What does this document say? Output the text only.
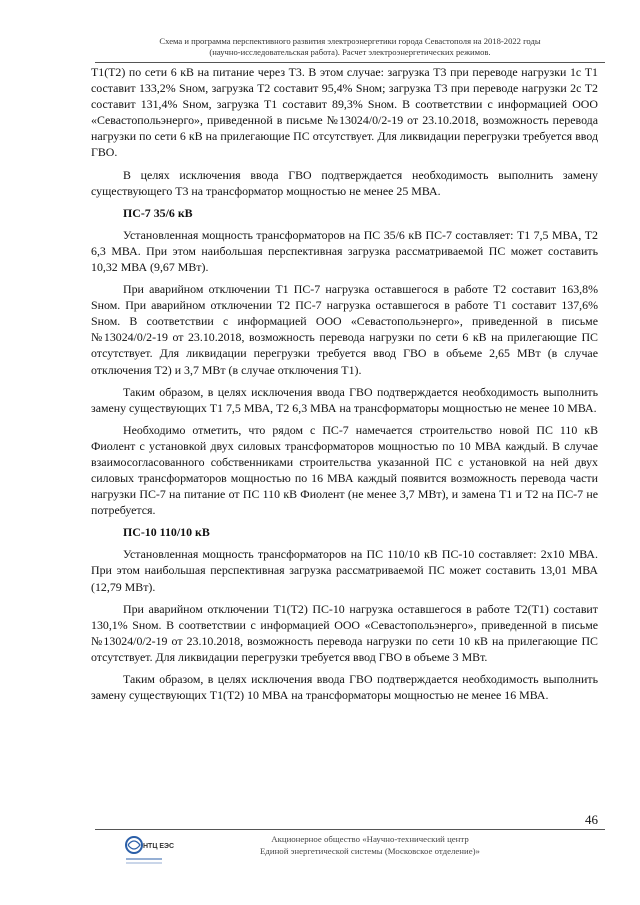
Схема и программа перспективного развития электроэнергетики города Севастополя на 2018-2022 годы
(научно-исследовательская работа). Расчет электроэнергетических режимов.

Т1(Т2) по сети 6 кВ на питание через Т3. В этом случае: загрузка Т3 при переводе нагрузки 1с Т1 составит 133,2% Sном, загрузка Т2 составит 95,4% Sном; загрузка Т3 при переводе нагрузки 2с Т2 составит 131,4% Sном, загрузка Т1 составит 89,3% Sном. В соответствии с информацией ООО «Севастопольэнерго», приведенной в письме №13024/0/2-19 от 23.10.2018, возможность перевода нагрузки по сети 6 кВ на прилегающие ПС отсутствует. Для ликвидации перегрузки требуется ввод ГВО.

В целях исключения ввода ГВО подтверждается необходимость выполнить замену существующего Т3 на трансформатор мощностью не менее 25 МВА.

ПС-7 35/6 кВ

Установленная мощность трансформаторов на ПС 35/6 кВ ПС-7 составляет: Т1 7,5 МВА, Т2 6,3 МВА. При этом наибольшая перспективная загрузка рассматриваемой ПС может составить 10,32 МВА (9,67 МВт).

При аварийном отключении Т1 ПС-7 нагрузка оставшегося в работе Т2 составит 163,8% Sном. При аварийном отключении Т2 ПС-7 нагрузка оставшегося в работе Т1 составит 137,6% Sном. В соответствии с информацией ООО «Севастопольэнерго», приведенной в письме №13024/0/2-19 от 23.10.2018, возможность перевода нагрузки по сети 6 кВ на прилегающие ПС отсутствует. Для ликвидации перегрузки требуется ввод ГВО в объеме 2,65 МВт (в случае отключения Т2) и 3,7 МВт (в случае отключения Т1).

Таким образом, в целях исключения ввода ГВО подтверждается необходимость выполнить замену существующих Т1 7,5 МВА, Т2 6,3 МВА на трансформаторы мощностью не менее 10 МВА.

Необходимо отметить, что рядом с ПС-7 намечается строительство новой ПС 110 кВ Фиолент с установкой двух силовых трансформаторов мощностью по 10 МВА каждый. В случае взаимосогласованного собственниками строительства указанной ПС с установкой на ней двух силовых трансформаторов мощностью по 16 МВА каждый появится возможность перевода части нагрузки ПС-7 на питание от ПС 110 кВ Фиолент (не менее 3,7 МВт), и замена Т1 и Т2 на ПС-7 не потребуется.

ПС-10 110/10 кВ

Установленная мощность трансформаторов на ПС 110/10 кВ ПС-10 составляет: 2х10 МВА. При этом наибольшая перспективная загрузка рассматриваемой ПС может составить 13,01 МВА (12,79 МВт).

При аварийном отключении Т1(Т2) ПС-10 нагрузка оставшегося в работе Т2(Т1) составит 130,1% Sном. В соответствии с информацией ООО «Севастопольэнерго», приведенной в письме №13024/0/2-19 от 23.10.2018, возможность перевода нагрузки по сети 10 кВ на прилегающие ПС отсутствует. Для ликвидации перегрузки требуется ввод ГВО в объеме 3 МВт.

Таким образом, в целях исключения ввода ГВО подтверждается необходимость выполнить замену существующих Т1(Т2) 10 МВА на трансформаторы мощностью не менее 16 МВА.

46
НТЦ ЕЭС
Акционерное общество «Научно-технический центр
Единой энергетической системы (Московское отделение)»
